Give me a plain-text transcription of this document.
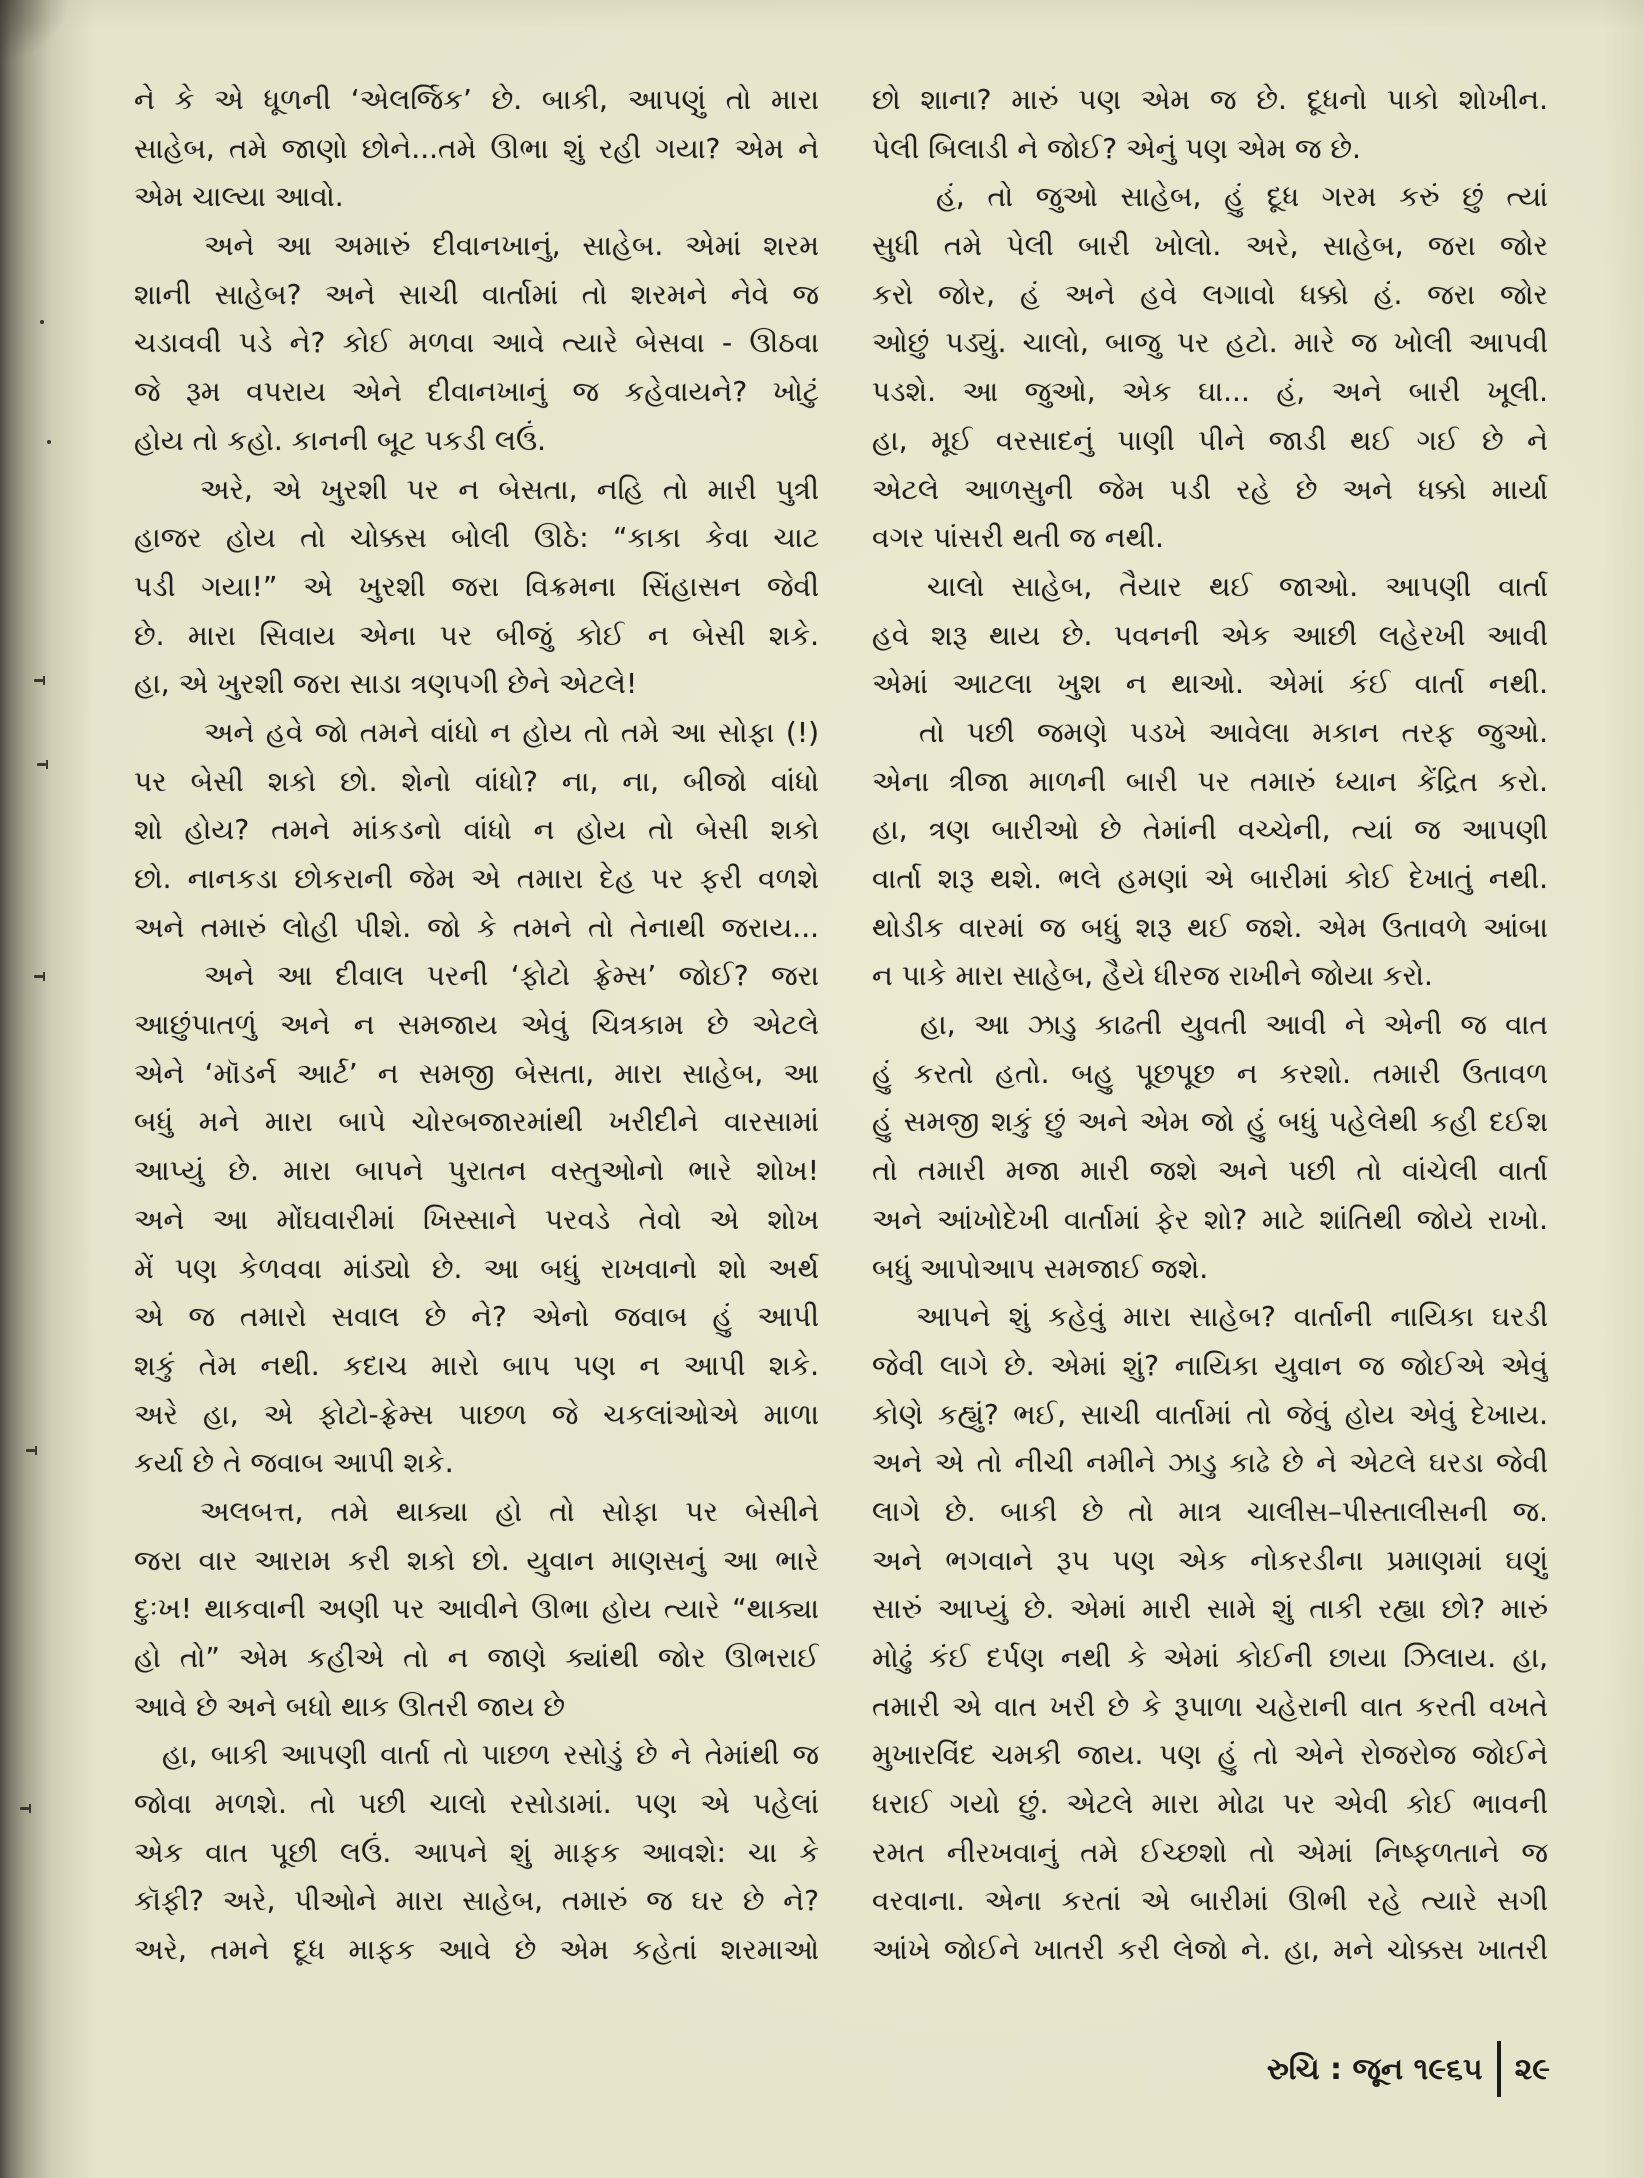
ને કે એ ધૂળની ‘એલર્જિક’ છે. બાકી, આપણું તો મારા
સાહેબ, તમે જાણો છોને...તમે ઊભા શું રહી ગયા? એમ ને
એમ ચાલ્યા આવો.
અને આ અમારું દીવાનખાનું, સાહેબ. એમાં શરમ
શાની સાહેબ? અને સાચી વાર્તામાં તો શરમને નેવે જ
ચડાવવી પડે ને? કોઈ મળવા આવે ત્યારે બેસવા - ઊઠવા
જે રૂમ વપરાય એને દીવાનખાનું જ કહેવાયને? ખોટું
હોય તો કહો. કાનની બૂટ પકડી લઉં.
અરે, એ ખુરશી પર ન બેસતા, નહિ તો મારી પુત્રી
હાજર હોય તો ચોક્કસ બોલી ઊઠે: “કાકા કેવા ચાટ
પડી ગયા!” એ ખુરશી જરા વિક્રમના સિંહાસન જેવી
છે. મારા સિવાય એના પર બીજું કોઈ ન બેસી શકે.
હા, એ ખુરશી જરા સાડા ત્રણપગી છેને એટલે!
અને હવે જો તમને વાંધો ન હોય તો તમે આ સોફા (!)
પર બેસી શકો છો. શેનો વાંધો? ના, ના, બીજો વાંધો
શો હોય? તમને માંકડનો વાંધો ન હોય તો બેસી શકો
છો. નાનકડા છોકરાની જેમ એ તમારા દેહ પર ફરી વળશે
અને તમારું લોહી પીશે. જો કે તમને તો તેનાથી જરાય...
અને આ દીવાલ પરની ‘ફોટો ફ્રેમ્સ’ જોઈ? જરા
આછુંપાતળું અને ન સમજાય એવું ચિત્રકામ છે એટલે
એને ‘મૉડર્ન આર્ટ’ ન સમજી બેસતા, મારા સાહેબ, આ
બધું મને મારા બાપે ચોરબજારમાંથી ખરીદીને વારસામાં
આપ્યું છે. મારા બાપને પુરાતન વસ્તુઓનો ભારે શોખ!
અને આ મોંઘવારીમાં ખિસ્સાને પરવડે તેવો એ શોખ
મેં પણ કેળવવા માંડ્યો છે. આ બધું રાખવાનો શો અર્થ
એ જ તમારો સવાલ છે ને? એનો જવાબ હું આપી
શકું તેમ નથી. કદાચ મારો બાપ પણ ન આપી શકે.
અરે હા, એ ફોટો-ફ્રેમ્સ પાછળ જે ચકલાંઓએ માળા
કર્યા છે તે જવાબ આપી શકે.
અલબત્ત, તમે થાક્યા હો તો સોફા પર બેસીને
જરા વાર આરામ કરી શકો છો. યુવાન માણસનું આ ભારે
દુઃખ! થાકવાની અણી પર આવીને ઊભા હોય ત્યારે “થાક્યા
હો તો” એમ કહીએ તો ન જાણે ક્યાંથી જોર ઊભરાઈ
આવે છે અને બધો થાક ઊતરી જાય છે
હા, બાકી આપણી વાર્તા તો પાછળ રસોડું છે ને તેમાંથી જ
જોવા મળશે. તો પછી ચાલો રસોડામાં. પણ એ પહેલાં
એક વાત પૂછી લઉં. આપને શું માફક આવશે: ચા કે
કૉફી? અરે, પીઓને મારા સાહેબ, તમારું જ ઘર છે ને?
અરે, તમને દૂધ માફક આવે છે એમ કહેતાં શરમાઓ
છો શાના? મારું પણ એમ જ છે. દૂધનો પાકો શોખીન.
પેલી બિલાડી ને જોઈ? એનું પણ એમ જ છે.
હં, તો જુઓ સાહેબ, હું દૂધ ગરમ કરું છું ત્યાં
સુધી તમે પેલી બારી ખોલો. અરે, સાહેબ, જરા જોર
કરો જોર, હં અને હવે લગાવો ધક્કો હં. જરા જોર
ઓછું પડ્યું. ચાલો, બાજુ પર હટો. મારે જ ખોલી આપવી
પડશે. આ જુઓ, એક ઘા... હં, અને બારી ખૂલી.
હા, મૂઈ વરસાદનું પાણી પીને જાડી થઈ ગઈ છે ને
એટલે આળસુની જેમ પડી રહે છે અને ધક્કો માર્યા
વગર પાંસરી થતી જ નથી.
ચાલો સાહેબ, તૈયાર થઈ જાઓ. આપણી વાર્તા
હવે શરૂ થાય છે. પવનની એક આછી લહેરખી આવી
એમાં આટલા ખુશ ન થાઓ. એમાં કંઈ વાર્તા નથી.
તો પછી જમણે પડખે આવેલા મકાન તરફ જુઓ.
એના ત્રીજા માળની બારી પર તમારું ધ્યાન કેંદ્રિત કરો.
હા, ત્રણ બારીઓ છે તેમાંની વચ્ચેની, ત્યાં જ આપણી
વાર્તા શરૂ થશે. ભલે હમણાં એ બારીમાં કોઈ દેખાતું નથી.
થોડીક વારમાં જ બધું શરૂ થઈ જશે. એમ ઉતાવળે આંબા
ન પાકે મારા સાહેબ, હૈયે ધીરજ રાખીને જોયા કરો.
હા, આ ઝાડુ કાઢતી યુવતી આવી ને એની જ વાત
હું કરતો હતો. બહુ પૂછપૂછ ન કરશો. તમારી ઉતાવળ
હું સમજી શકું છું અને એમ જો હું બધું પહેલેથી કહી દઈશ
તો તમારી મજા મારી જશે અને પછી તો વાંચેલી વાર્તા
અને આંખોદેખી વાર્તામાં ફેર શો? માટે શાંતિથી જોયે રાખો.
બધું આપોઆપ સમજાઈ જશે.
આપને શું કહેવું મારા સાહેબ? વાર્તાની નાયિકા ઘરડી
જેવી લાગે છે. એમાં શું? નાયિકા યુવાન જ જોઈએ એવું
કોણે કહ્યું? ભઈ, સાચી વાર્તામાં તો જેવું હોય એવું દેખાય.
અને એ તો નીચી નમીને ઝાડુ કાઢે છે ને એટલે ઘરડા જેવી
લાગે છે. બાકી છે તો માત્ર ચાલીસ–પીસ્તાલીસની જ.
અને ભગવાને રૂપ પણ એક નોકરડીના પ્રમાણમાં ઘણું
સારું આપ્યું છે. એમાં મારી સામે શું તાકી રહ્યા છો? મારું
મોઢું કંઈ દર્પણ નથી કે એમાં કોઈની છાયા ઝિલાય. હા,
તમારી એ વાત ખરી છે કે રૂપાળા ચહેરાની વાત કરતી વખતે
મુખારવિંદ ચમકી જાય. પણ હું તો એને રોજરોજ જોઈને
ધરાઈ ગયો છું. એટલે મારા મોઢા પર એવી કોઈ ભાવની
રમત નીરખવાનું તમે ઈચ્છશો તો એમાં નિષ્ફળતાને જ
વરવાના. એના કરતાં એ બારીમાં ઊભી રહે ત્યારે સગી
આંખે જોઈને ખાતરી કરી લેજો ને. હા, મને ચોક્કસ ખાતરી
રુચિ : જૂન ૧૯૬૫ ૨૯
